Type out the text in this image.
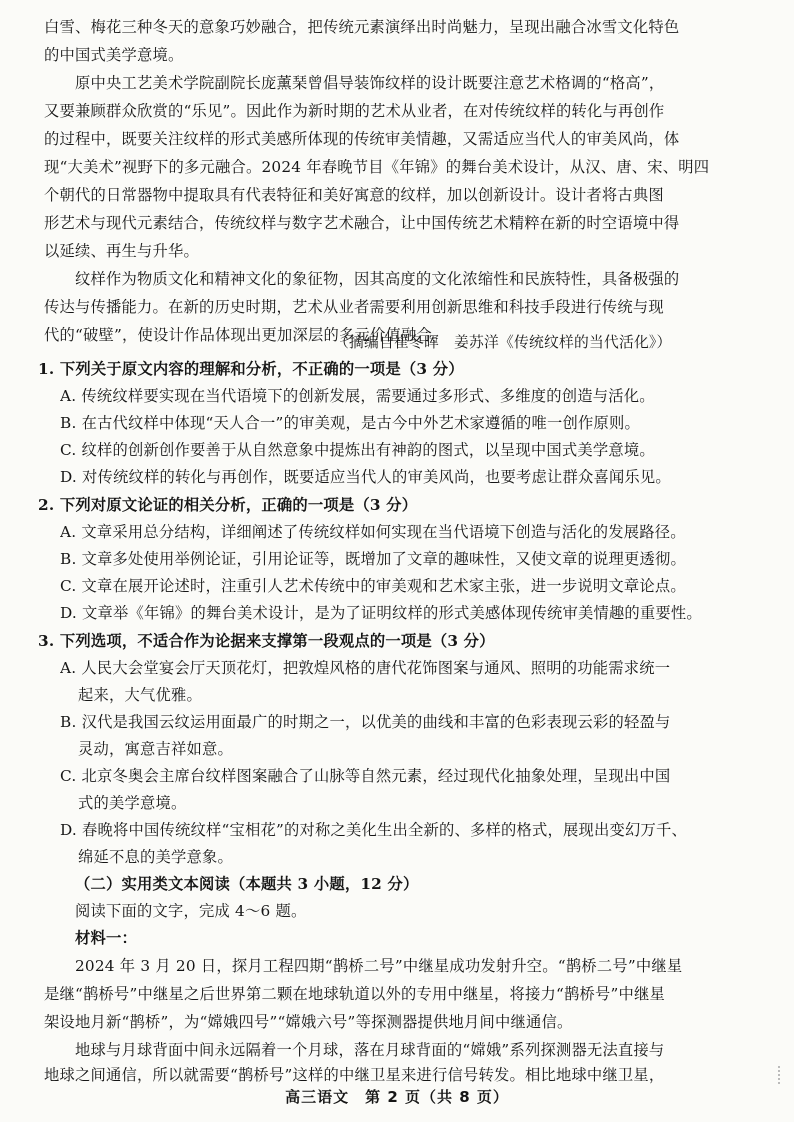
白雪、梅花三种冬天的意象巧妙融合，把传统元素演绎出时尚魅力，呈现出融合冰雪文化特色
的中国式美学意境。
原中央工艺美术学院副院长庞薰琹曾倡导装饰纹样的设计既要注意艺术格调的“格高”，
又要兼顾群众欣赏的“乐见”。因此作为新时期的艺术从业者，在对传统纹样的转化与再创作
的过程中，既要关注纹样的形式美感所体现的传统审美情趣，又需适应当代人的审美风尚，体
现“大美术”视野下的多元融合。2024 年春晚节目《年锦》的舞台美术设计，从汉、唐、宋、明四
个朝代的日常器物中提取具有代表特征和美好寓意的纹样，加以创新设计。设计者将古典图
形艺术与现代元素结合，传统纹样与数字艺术融合，让中国传统艺术精粹在新的时空语境中得
以延续、再生与升华。
纹样作为物质文化和精神文化的象征物，因其高度的文化浓缩性和民族特性，具备极强的
传达与传播能力。在新的历史时期，艺术从业者需要利用创新思维和科技手段进行传统与现
代的“破壁”，使设计作品体现出更加深层的多元价值融合。
（摘编自崔冬晖　姜苏洋《传统纹样的当代活化》）
1. 下列关于原文内容的理解和分析，不正确的一项是（3 分）
A. 传统纹样要实现在当代语境下的创新发展，需要通过多形式、多维度的创造与活化。
B. 在古代纹样中体现“天人合一”的审美观，是古今中外艺术家遵循的唯一创作原则。
C. 纹样的创新创作要善于从自然意象中提炼出有神韵的图式，以呈现中国式美学意境。
D. 对传统纹样的转化与再创作，既要适应当代人的审美风尚，也要考虑让群众喜闻乐见。
2. 下列对原文论证的相关分析，正确的一项是（3 分）
A. 文章采用总分结构，详细阐述了传统纹样如何实现在当代语境下创造与活化的发展路径。
B. 文章多处使用举例论证，引用论证等，既增加了文章的趣味性，又使文章的说理更透彻。
C. 文章在展开论述时，注重引人艺术传统中的审美观和艺术家主张，进一步说明文章论点。
D. 文章举《年锦》的舞台美术设计，是为了证明纹样的形式美感体现传统审美情趣的重要性。
3. 下列选项，不适合作为论据来支撑第一段观点的一项是（3 分）
A. 人民大会堂宴会厅天顶花灯，把敦煌风格的唐代花饰图案与通风、照明的功能需求统一
起来，大气优雅。
B. 汉代是我国云纹运用面最广的时期之一，以优美的曲线和丰富的色彩表现云彩的轻盈与
灵动，寓意吉祥如意。
C. 北京冬奥会主席台纹样图案融合了山脉等自然元素，经过现代化抽象处理，呈现出中国
式的美学意境。
D. 春晚将中国传统纹样“宝相花”的对称之美化生出全新的、多样的格式，展现出变幻万千、
绵延不息的美学意象。
（二）实用类文本阅读（本题共 3 小题，12 分）
阅读下面的文字，完成 4～6 题。
材料一：
2024 年 3 月 20 日，探月工程四期“鹊桥二号”中继星成功发射升空。“鹊桥二号”中继星
是继“鹊桥号”中继星之后世界第二颗在地球轨道以外的专用中继星，将接力“鹊桥号”中继星
架设地月新“鹊桥”，为“嫦娥四号”“嫦娥六号”等探测器提供地月间中继通信。
地球与月球背面中间永远隔着一个月球，落在月球背面的“嫦娥”系列探测器无法直接与
地球之间通信，所以就需要“鹊桥号”这样的中继卫星来进行信号转发。相比地球中继卫星，
高三语文　第 2 页（共 8 页）
